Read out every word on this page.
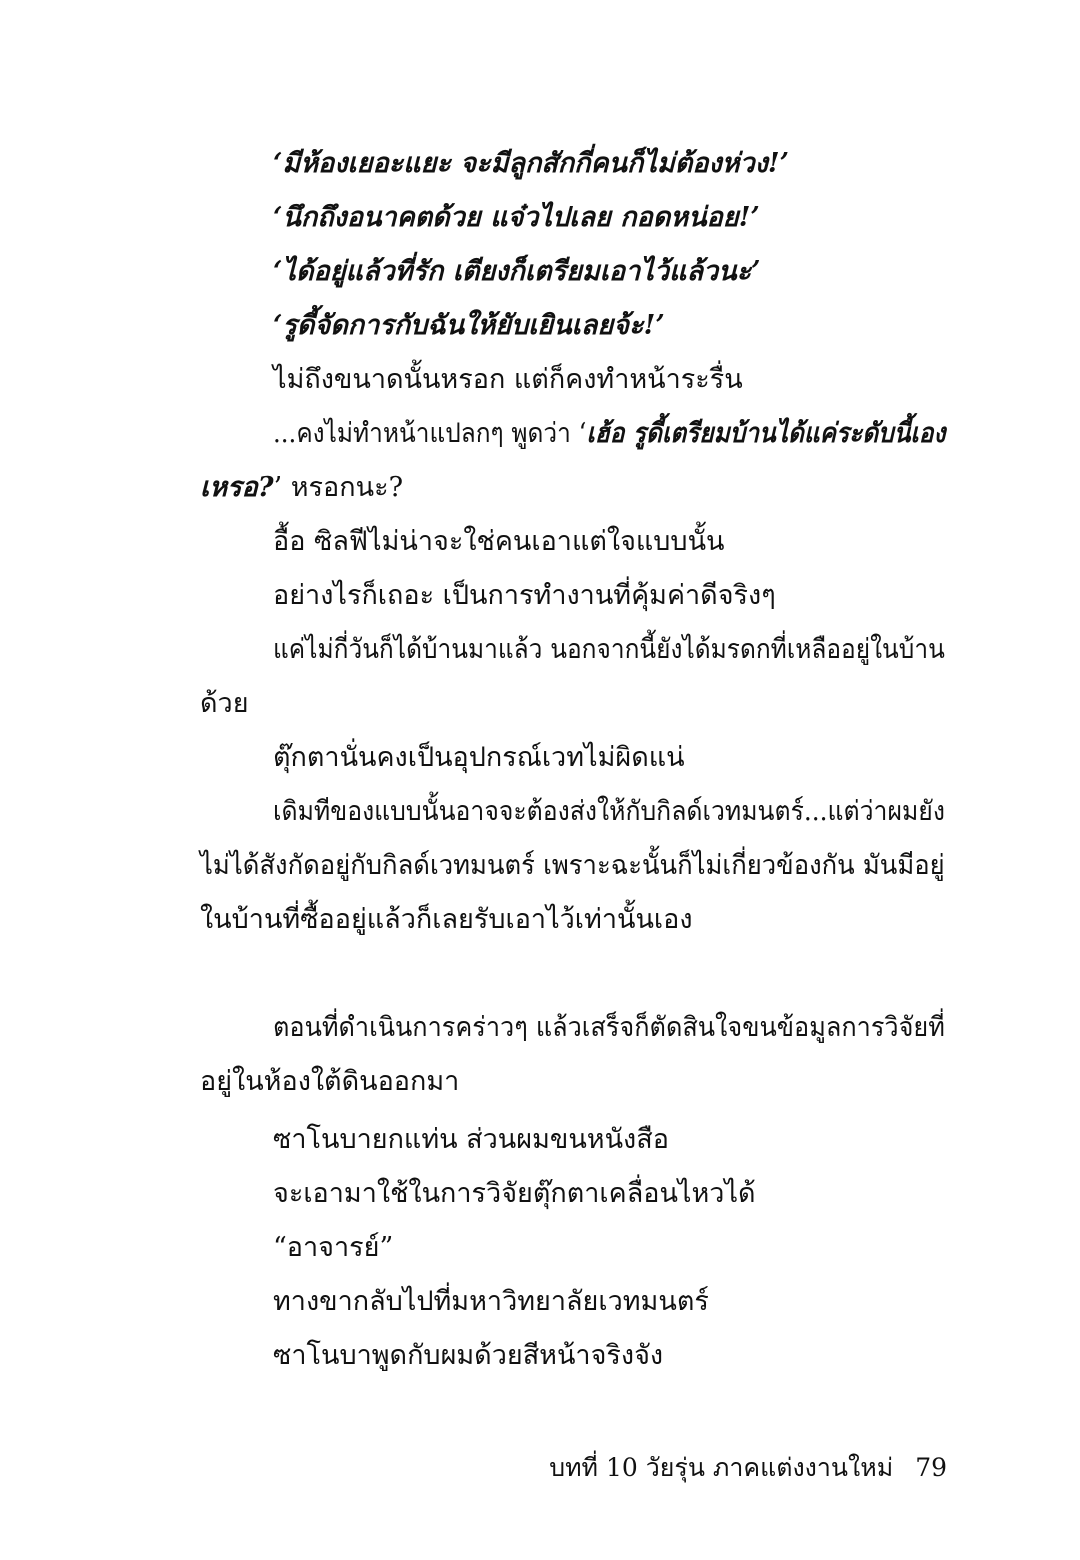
‘มีห้องเยอะแยะ จะมีลูกสักกี่คนก็ไม่ต้องห่วง!’
‘นึกถึงอนาคตด้วย แจ๋วไปเลย กอดหน่อย!’
‘ได้อยู่แล้วที่รัก เตียงก็เตรียมเอาไว้แล้วนะ’
‘รูดี้จัดการกับฉันให้ยับเยินเลยจ้ะ!’
ไม่ถึงขนาดนั้นหรอก แต่ก็คงทำหน้าระรื่น
...คงไม่ทำหน้าแปลกๆ พูดว่า ‘เฮ้อ รูดี้เตรียมบ้านได้แค่ระดับนี้เอง
เหรอ?’ หรอกนะ?
อื้อ ซิลฟีไม่น่าจะใช่คนเอาแต่ใจแบบนั้น
อย่างไรก็เถอะ เป็นการทำงานที่คุ้มค่าดีจริงๆ
แค่ไม่กี่วันก็ได้บ้านมาแล้ว นอกจากนี้ยังได้มรดกที่เหลืออยู่ในบ้าน
ด้วย
ตุ๊กตานั่นคงเป็นอุปกรณ์เวทไม่ผิดแน่
เดิมทีของแบบนั้นอาจจะต้องส่งให้กับกิลด์เวทมนตร์...แต่ว่าผมยัง
ไม่ได้สังกัดอยู่กับกิลด์เวทมนตร์ เพราะฉะนั้นก็ไม่เกี่ยวข้องกัน มันมีอยู่
ในบ้านที่ซื้ออยู่แล้วก็เลยรับเอาไว้เท่านั้นเอง
ตอนที่ดำเนินการคร่าวๆ แล้วเสร็จก็ตัดสินใจขนข้อมูลการวิจัยที่
อยู่ในห้องใต้ดินออกมา
ซาโนบายกแท่น ส่วนผมขนหนังสือ
จะเอามาใช้ในการวิจัยตุ๊กตาเคลื่อนไหวได้
“อาจารย์”
ทางขากลับไปที่มหาวิทยาลัยเวทมนตร์
ซาโนบาพูดกับผมด้วยสีหน้าจริงจัง
บทที่ 10 วัยรุ่น ภาคแต่งงานใหม่ 79
